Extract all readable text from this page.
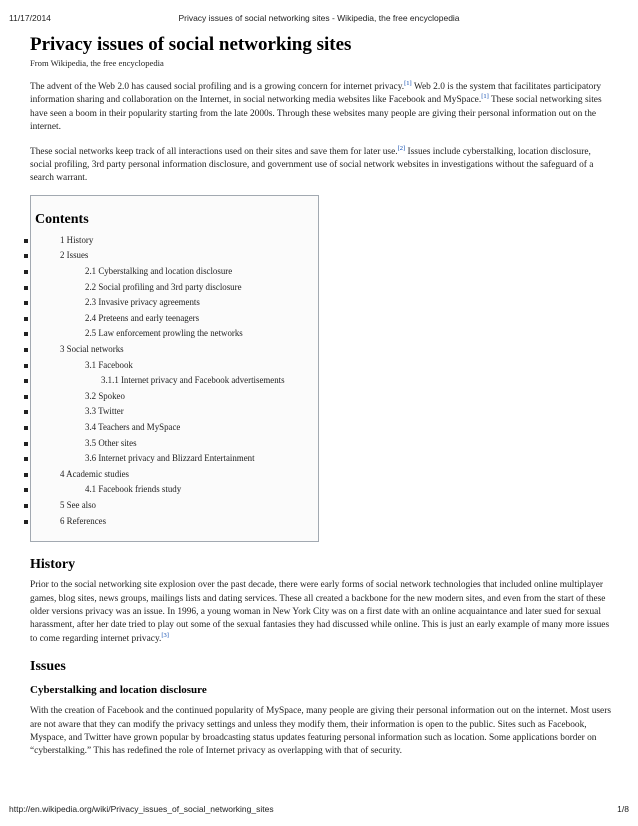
11/17/2014	Privacy issues of social networking sites - Wikipedia, the free encyclopedia
Privacy issues of social networking sites
From Wikipedia, the free encyclopedia

The advent of the Web 2.0 has caused social profiling and is a growing concern for internet privacy.[1] Web 2.0 is the system that facilitates participatory information sharing and collaboration on the Internet, in social networking media websites like Facebook and MySpace.[1] These social networking sites have seen a boom in their popularity starting from the late 2000s. Through these websites many people are giving their personal information out on the internet.

These social networks keep track of all interactions used on their sites and save them for later use.[2] Issues include cyberstalking, location disclosure, social profiling, 3rd party personal information disclosure, and government use of social network websites in investigations without the safeguard of a search warrant.

Contents
1 History
2 Issues
2.1 Cyberstalking and location disclosure
2.2 Social profiling and 3rd party disclosure
2.3 Invasive privacy agreements
2.4 Preteens and early teenagers
2.5 Law enforcement prowling the networks
3 Social networks
3.1 Facebook
3.1.1 Internet privacy and Facebook advertisements
3.2 Spokeo
3.3 Twitter
3.4 Teachers and MySpace
3.5 Other sites
3.6 Internet privacy and Blizzard Entertainment
4 Academic studies
4.1 Facebook friends study
5 See also
6 References
History

Prior to the social networking site explosion over the past decade, there were early forms of social network technologies that included online multiplayer games, blog sites, news groups, mailings lists and dating services. These all created a backbone for the new modern sites, and even from the start of these older versions privacy was an issue. In 1996, a young woman in New York City was on a first date with an online acquaintance and later sued for sexual harassment, after her date tried to play out some of the sexual fantasies they had discussed while online. This is just an early example of many more issues to come regarding internet privacy.[3]

Issues
Cyberstalking and location disclosure

With the creation of Facebook and the continued popularity of MySpace, many people are giving their personal information out on the internet. Most users are not aware that they can modify the privacy settings and unless they modify them, their information is open to the public. Sites such as Facebook, Myspace, and Twitter have grown popular by broadcasting status updates featuring personal information such as location. Some applications border on “cyberstalking.” This has redefined the role of Internet privacy as overlapping with that of security.

http://en.wikipedia.org/wiki/Privacy_issues_of_social_networking_sites	1/8
